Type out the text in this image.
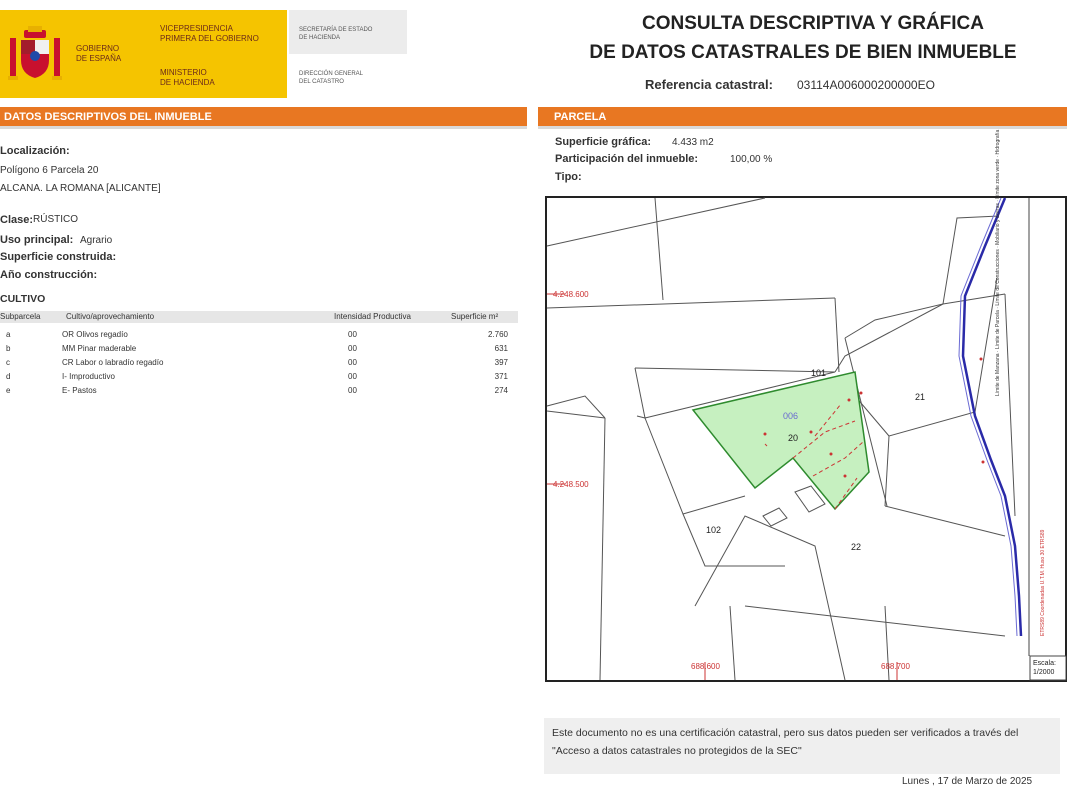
GOBIERNO
DE ESPAÑA
VICEPRESIDENCIA
PRIMERA DEL GOBIERNO
MINISTERIO
DE HACIENDA
SECRETARÍA DE ESTADO
DE HACIENDA
DIRECCIÓN GENERAL
DEL CATASTRO
CONSULTA DESCRIPTIVA Y GRÁFICA
DE DATOS CATASTRALES DE BIEN INMUEBLE
Referencia catastral: 03114A006000200000EO
DATOS DESCRIPTIVOS DEL INMUEBLE
Localización:
Polígono 6 Parcela 20
ALCANA. LA ROMANA [ALICANTE]
Clase: RÚSTICO
Uso principal: Agrario
Superficie construida:
Año construcción:
CULTIVO
Subparcela	Cultivo/aprovechamiento	Intensidad Productiva	Superficie m²
a	OR Olivos regadío	00	2.760
b	MM Pinar maderable	00	631
c	CR Labor o labradío regadío	00	397
d	I- Improductivo	00	371
e	E- Pastos	00	274
PARCELA
Superficie gráfica: 4.433 m2
Participación del inmueble:	100,00 %
Tipo:
4.248.600
4.248.500
688.600	688.700
006
20
101
21
102
22
Escala:
1/2000
Límite de Manzana · Límite de Parcela · Límite de Construcciones · Mobiliario y aceras · Límite zona verde · Hidrografía
ETRS89 Coordenadas U.T.M. Huso 30 ETRS89
Este documento no es una certificación catastral, pero sus datos pueden ser verificados a través del "Acceso a datos catastrales no protegidos de la SEC"
Lunes , 17 de Marzo de 2025
